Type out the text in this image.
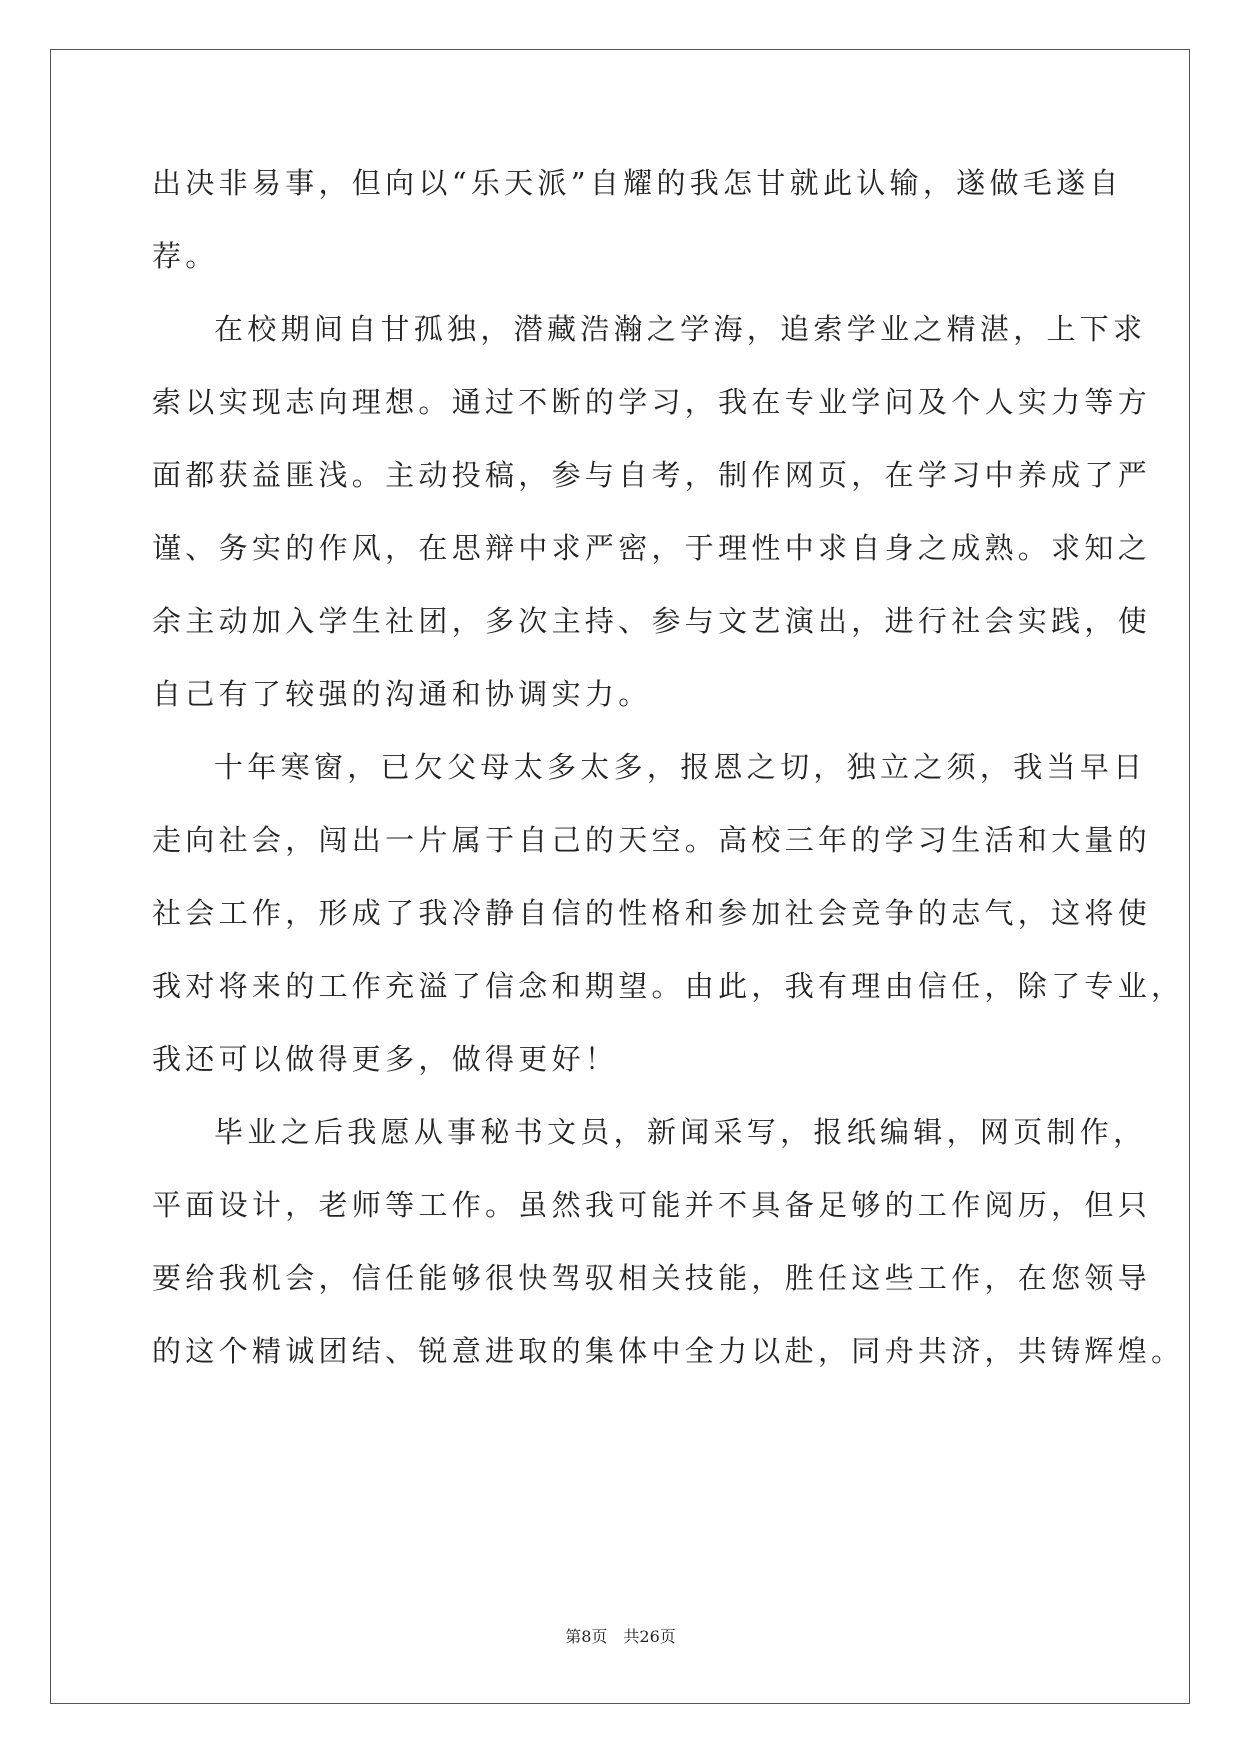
出决非易事，但向以“乐天派”自耀的我怎甘就此认输，遂做毛遂自
荐。
在校期间自甘孤独，潜藏浩瀚之学海，追索学业之精湛，上下求
索以实现志向理想。通过不断的学习，我在专业学问及个人实力等方
面都获益匪浅。主动投稿，参与自考，制作网页，在学习中养成了严
谨、务实的作风，在思辩中求严密，于理性中求自身之成熟。求知之
余主动加入学生社团，多次主持、参与文艺演出，进行社会实践，使
自己有了较强的沟通和协调实力。
十年寒窗，已欠父母太多太多，报恩之切，独立之须，我当早日
走向社会，闯出一片属于自己的天空。高校三年的学习生活和大量的
社会工作，形成了我冷静自信的性格和参加社会竞争的志气，这将使
我对将来的工作充溢了信念和期望。由此，我有理由信任，除了专业，
我还可以做得更多，做得更好！
毕业之后我愿从事秘书文员，新闻采写，报纸编辑，网页制作，
平面设计，老师等工作。虽然我可能并不具备足够的工作阅历，但只
要给我机会，信任能够很快驾驭相关技能，胜任这些工作，在您领导
的这个精诚团结、锐意进取的集体中全力以赴，同舟共济，共铸辉煌。
第8页　共26页
